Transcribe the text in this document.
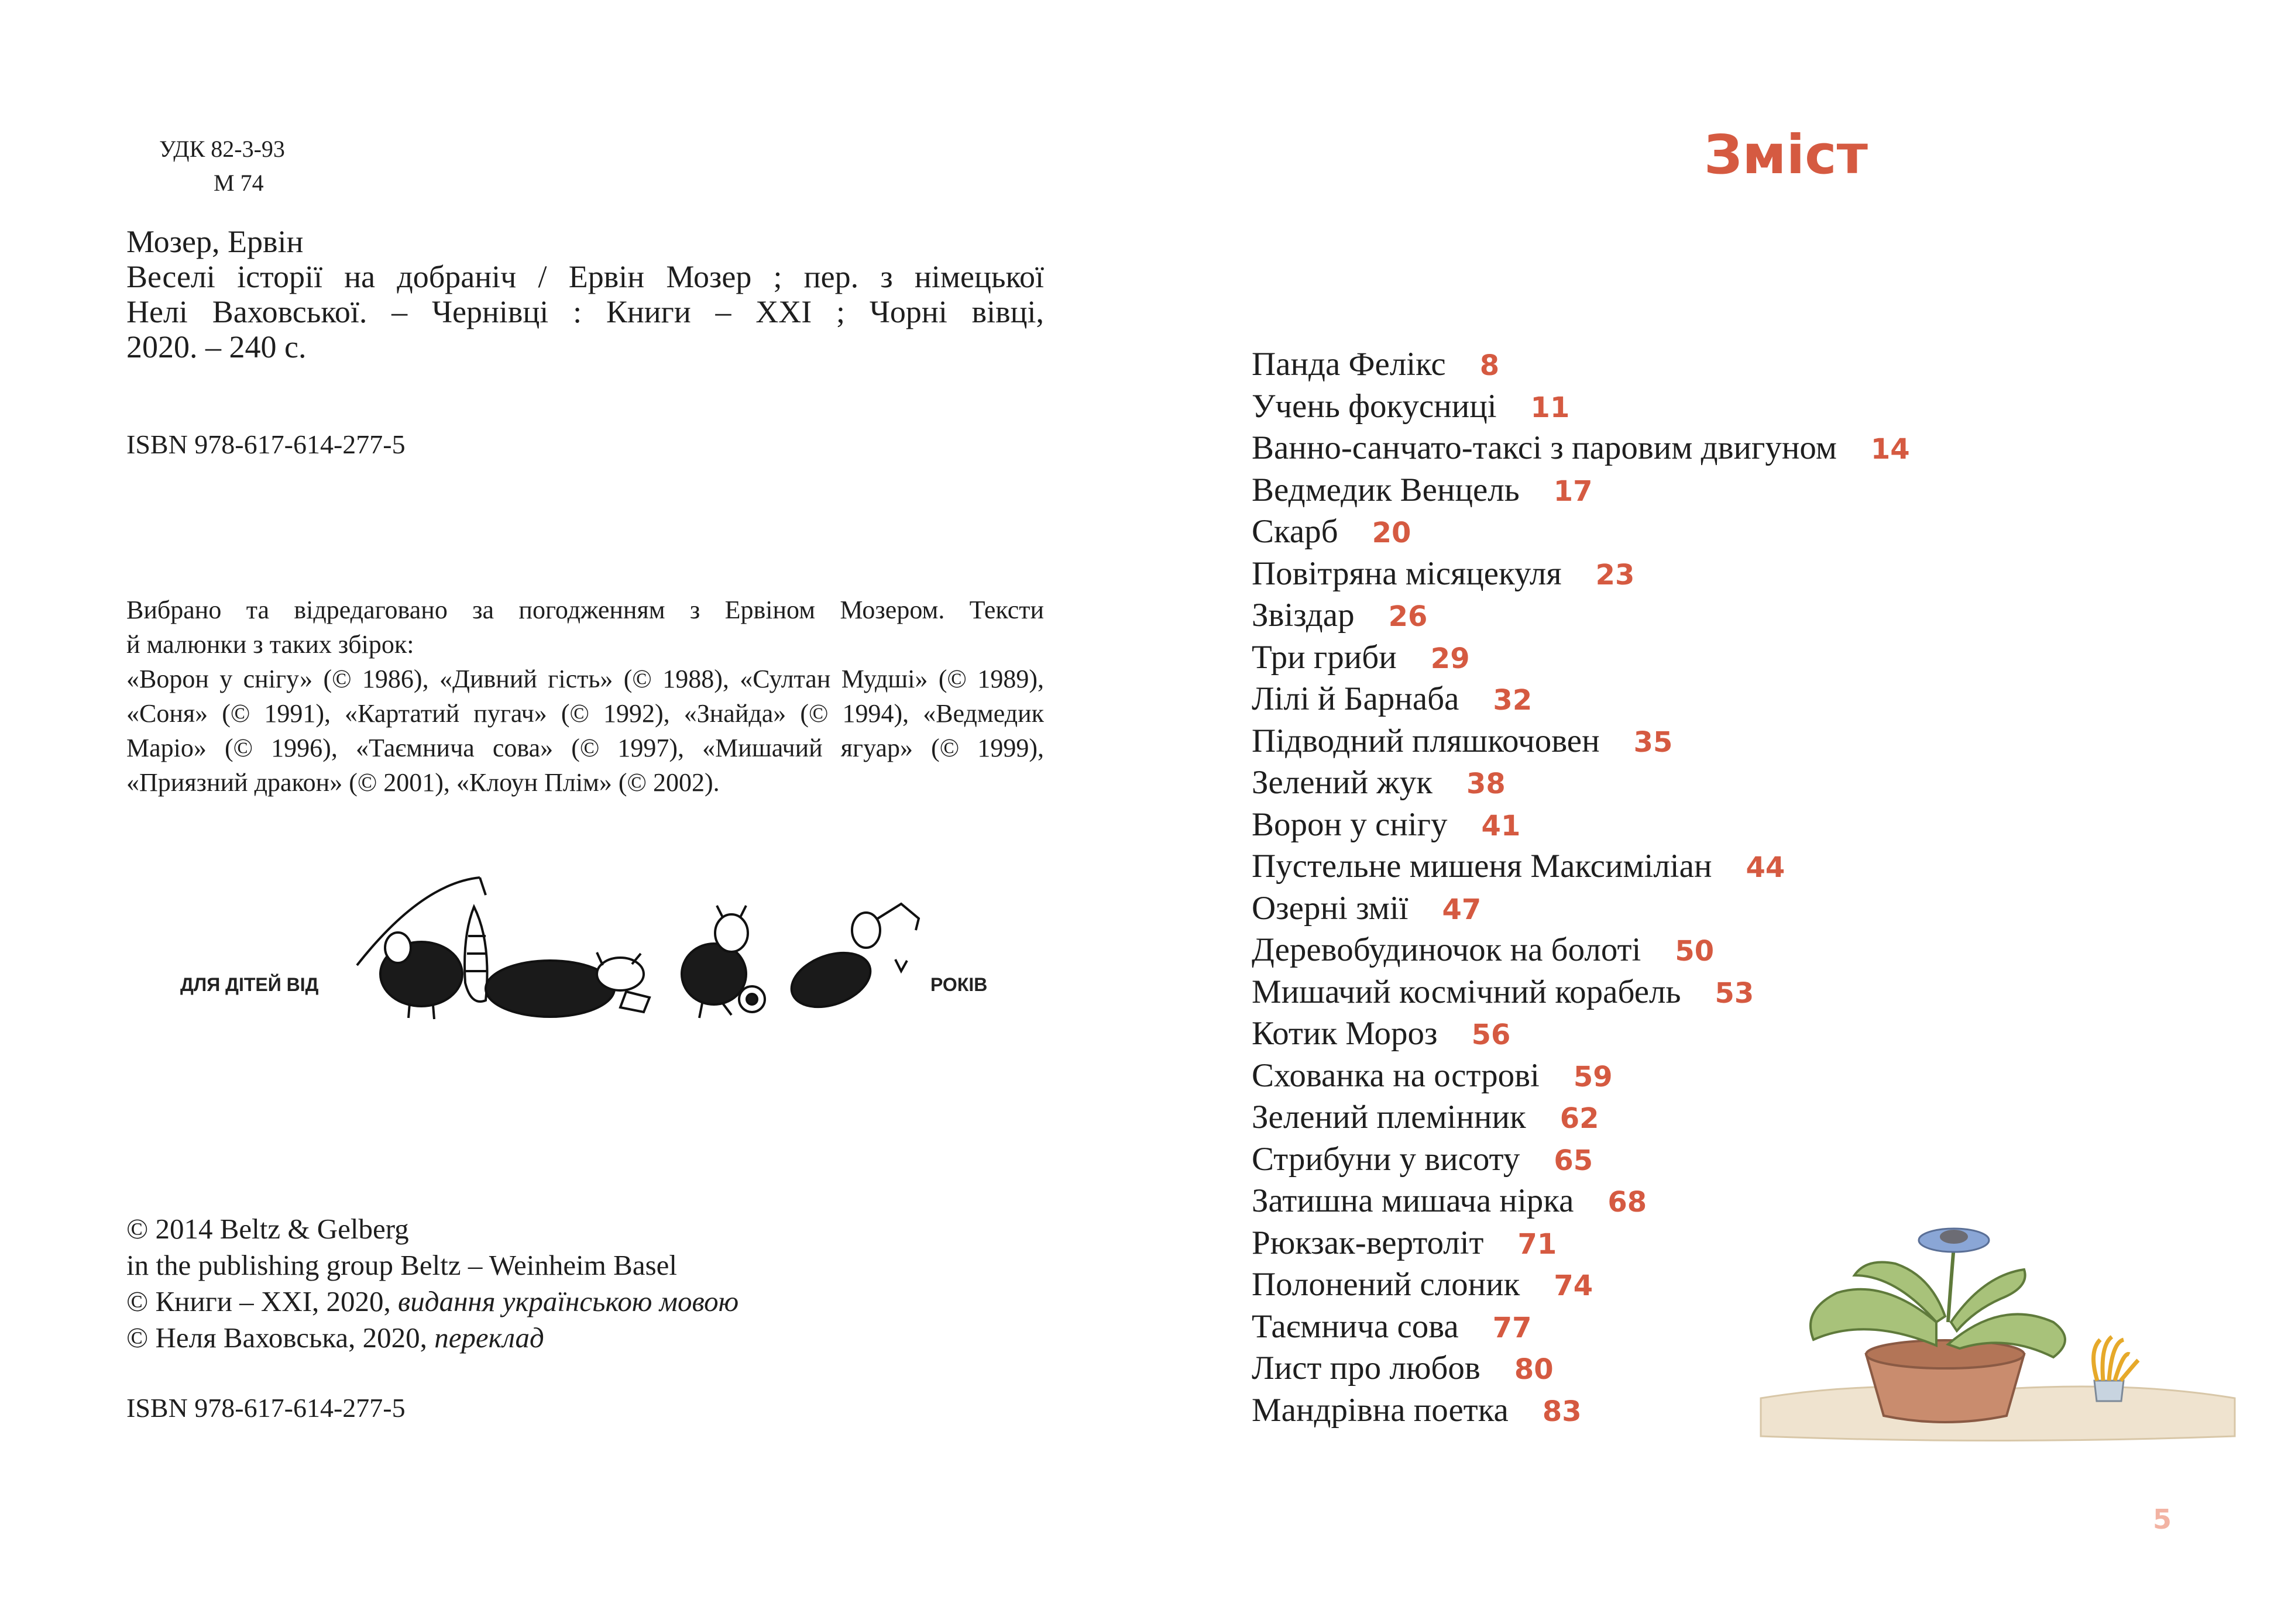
УДК 82-3-93
М 74

Мозер, Ервін

Веселі історії на добраніч / Ервін Мозер ; пер. з німецької

Нелі Ваховської. – Чернівці : Книги – ХХІ ; Чорні вівці,

2020. – 240 с.

ISBN 978-617-614-277-5

Вибрано та відредаговано за погодженням з Ервіном Мозером. Тексти

й малюнки з таких збірок:

«Ворон у снігу» (© 1986), «Дивний гість» (© 1988), «Султан Мудші» (© 1989),

«Соня» (© 1991), «Картатий пугач» (© 1992), «Знайда» (© 1994), «Ведмедик

Маріо» (© 1996), «Таємнича сова» (© 1997), «Мишачий ягуар» (© 1999),

«Приязний дракон» (© 2001), «Клоун Плім» (© 2002).

ДЛЯ ДІТЕЙ ВІД	РОКІВ
© 2014 Beltz & Gelberg
in the publishing group Beltz – Weinheim Basel
© Книги – ХХІ, 2020, видання українською мовою
© Неля Ваховська, 2020, переклад
ISBN 978-617-614-277-5
Зміст
Панда Фелікс 8
Учень фокусниці 11
Ванно-санчато-таксі з паровим двигуном 14
Ведмедик Венцель 17
Скарб 20
Повітряна місяцекуля 23
Звіздар 26
Три гриби 29
Лілі й Барнаба 32
Підводний пляшкочовен 35
Зелений жук 38
Ворон у снігу 41
Пустельне мишеня Максиміліан 44
Озерні змії 47
Деревобудиночок на болоті 50
Мишачий космічний корабель 53
Котик Мороз 56
Схованка на острові 59
Зелений племінник 62
Стрибуни у висоту 65
Затишна мишача нірка 68
Рюкзак-вертоліт 71
Полонений слоник 74
Таємнича сова 77
Лист про любов 80
Мандрівна поетка 83
5
